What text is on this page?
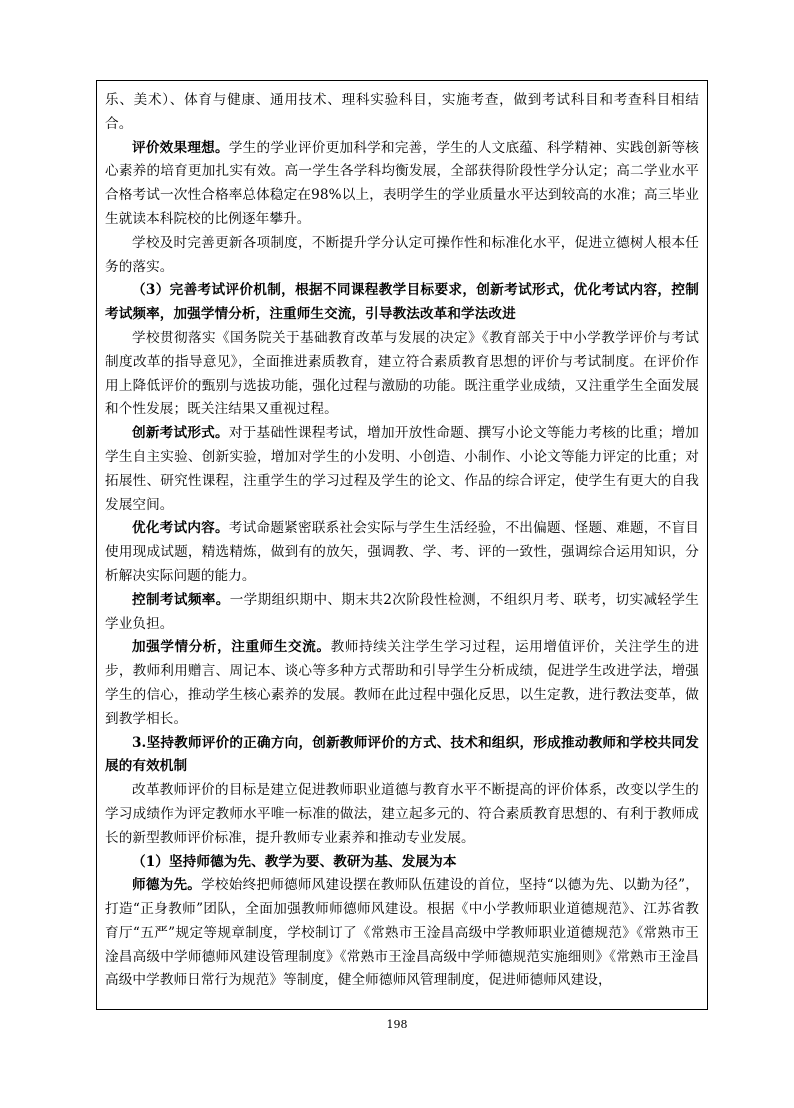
乐、美术）、体育与健康、通用技术、理科实验科目，实施考查，做到考试科目和考查科目相结合。

评价效果理想。学生的学业评价更加科学和完善，学生的人文底蕴、科学精神、实践创新等核心素养的培育更加扎实有效。高一学生各学科均衡发展，全部获得阶段性学分认定；高二学业水平合格考试一次性合格率总体稳定在98%以上，表明学生的学业质量水平达到较高的水准；高三毕业生就读本科院校的比例逐年攀升。

学校及时完善更新各项制度，不断提升学分认定可操作性和标准化水平，促进立德树人根本任务的落实。

（3）完善考试评价机制，根据不同课程教学目标要求，创新考试形式，优化考试内容，控制考试频率，加强学情分析，注重师生交流，引导教法改革和学法改进

学校贯彻落实《国务院关于基础教育改革与发展的决定》《教育部关于中小学教学评价与考试制度改革的指导意见》，全面推进素质教育，建立符合素质教育思想的评价与考试制度。在评价作用上降低评价的甄别与选拔功能，强化过程与激励的功能。既注重学业成绩，又注重学生全面发展和个性发展；既关注结果又重视过程。

创新考试形式。对于基础性课程考试，增加开放性命题、撰写小论文等能力考核的比重；增加学生自主实验、创新实验，增加对学生的小发明、小创造、小制作、小论文等能力评定的比重；对拓展性、研究性课程，注重学生的学习过程及学生的论文、作品的综合评定，使学生有更大的自我发展空间。

优化考试内容。考试命题紧密联系社会实际与学生生活经验，不出偏题、怪题、难题，不盲目使用现成试题，精选精炼，做到有的放矢，强调教、学、考、评的一致性，强调综合运用知识，分析解决实际问题的能力。

控制考试频率。一学期组织期中、期末共2次阶段性检测，不组织月考、联考，切实减轻学生学业负担。

加强学情分析，注重师生交流。教师持续关注学生学习过程，运用增值评价，关注学生的进步，教师利用赠言、周记本、谈心等多种方式帮助和引导学生分析成绩，促进学生改进学法，增强学生的信心，推动学生核心素养的发展。教师在此过程中强化反思，以生定教，进行教法变革，做到教学相长。

3.坚持教师评价的正确方向，创新教师评价的方式、技术和组织，形成推动教师和学校共同发展的有效机制

改革教师评价的目标是建立促进教师职业道德与教育水平不断提高的评价体系，改变以学生的学习成绩作为评定教师水平唯一标准的做法，建立起多元的、符合素质教育思想的、有利于教师成长的新型教师评价标准，提升教师专业素养和推动专业发展。

（1）坚持师德为先、教学为要、教研为基、发展为本

师德为先。学校始终把师德师风建设摆在教师队伍建设的首位，坚持“以德为先、以勤为径”，打造“正身教师”团队，全面加强教师师德师风建设。根据《中小学教师职业道德规范》、江苏省教育厅“五严”规定等规章制度，学校制订了《常熟市王淦昌高级中学教师职业道德规范》《常熟市王淦昌高级中学师德师风建设管理制度》《常熟市王淦昌高级中学师德规范实施细则》《常熟市王淦昌高级中学教师日常行为规范》等制度，健全师德师风管理制度，促进师德师风建设，

198
